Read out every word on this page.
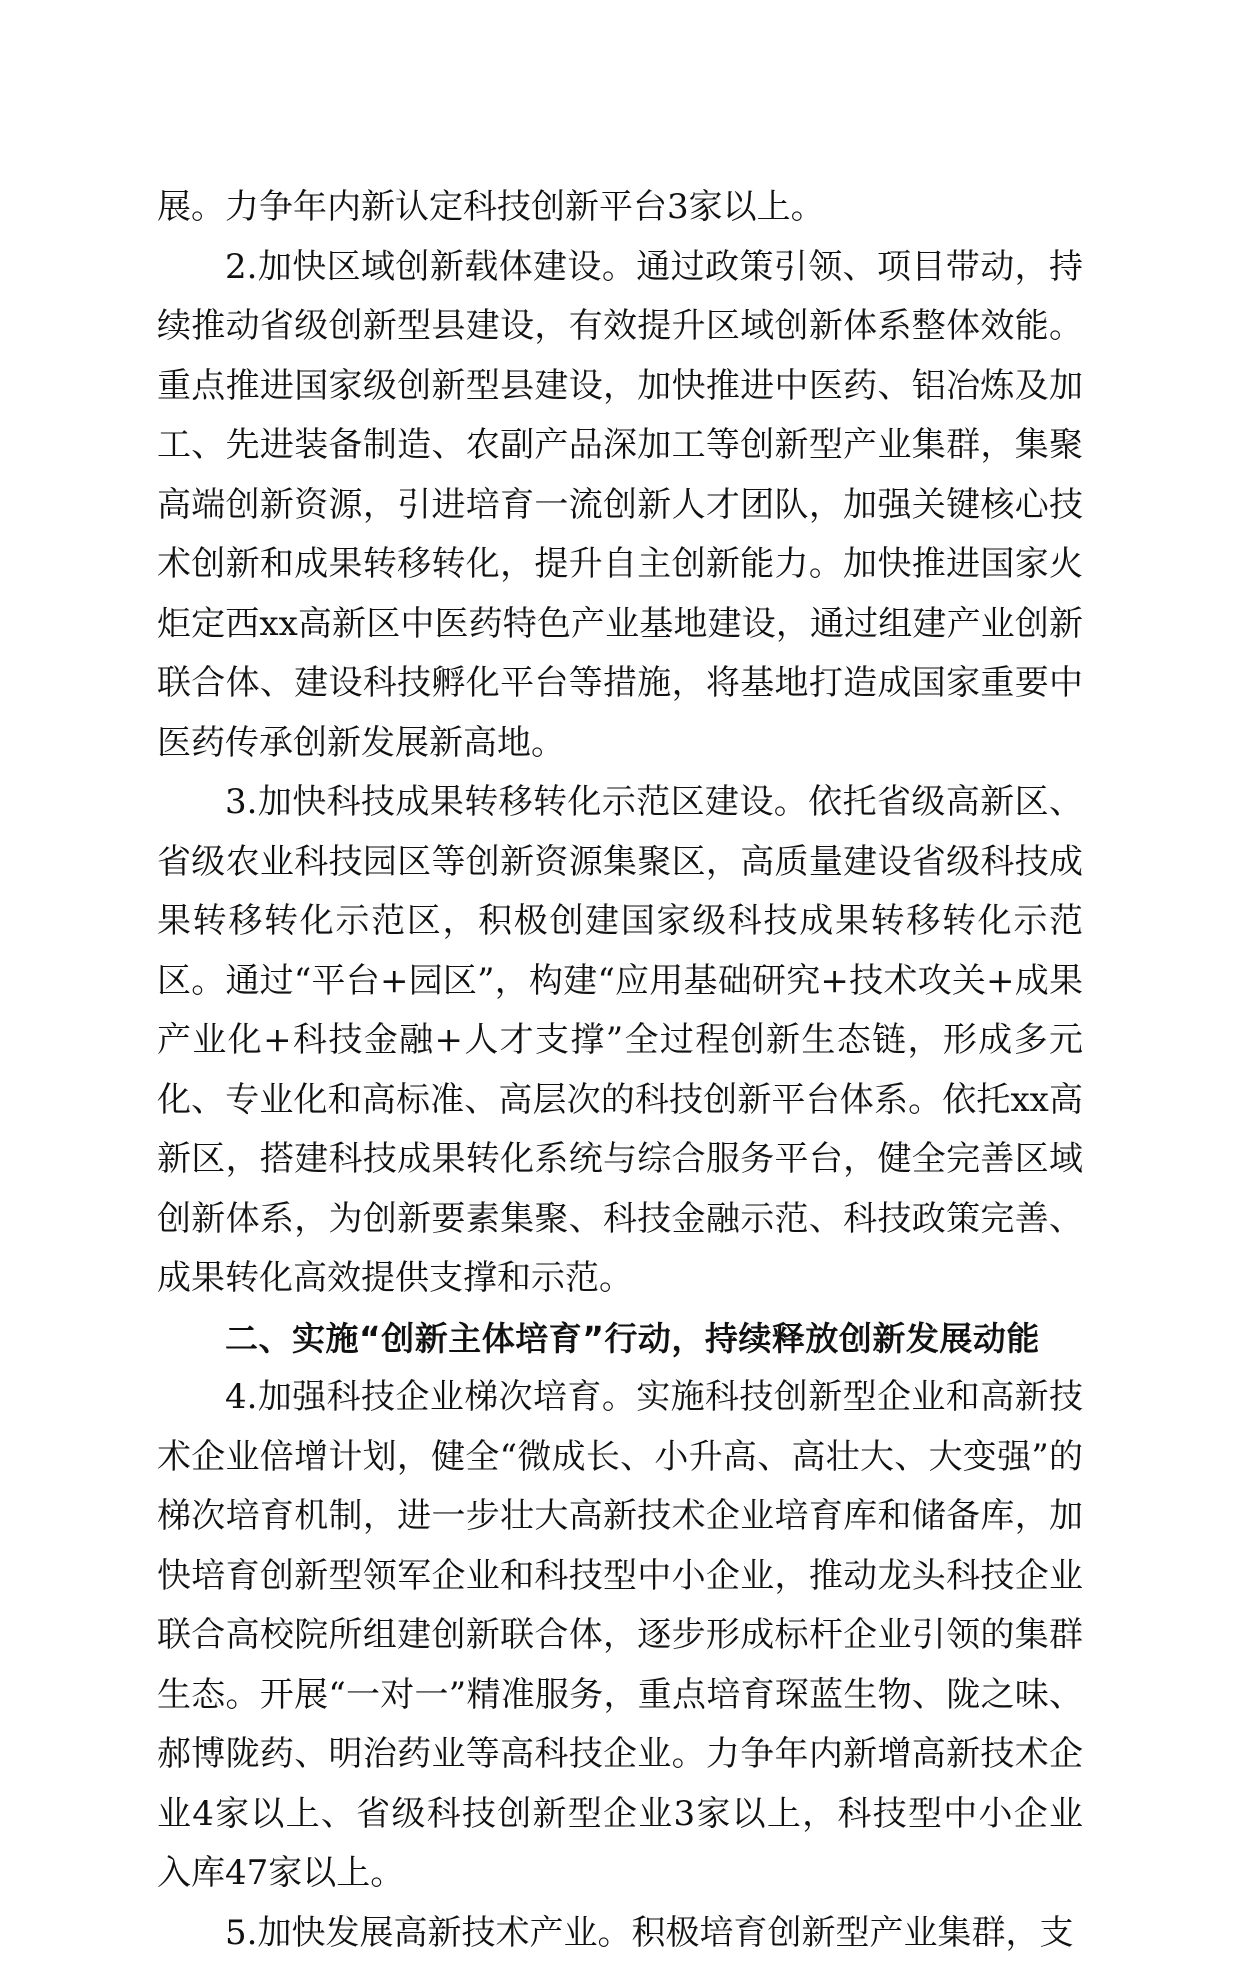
展。力争年内新认定科技创新平台3家以上。

2.加快区域创新载体建设。通过政策引领、项目带动，持续推动省级创新型县建设，有效提升区域创新体系整体效能。重点推进国家级创新型县建设，加快推进中医药、铝冶炼及加工、先进装备制造、农副产品深加工等创新型产业集群，集聚高端创新资源，引进培育一流创新人才团队，加强关键核心技术创新和成果转移转化，提升自主创新能力。加快推进国家火炬定西xx高新区中医药特色产业基地建设，通过组建产业创新联合体、建设科技孵化平台等措施，将基地打造成国家重要中医药传承创新发展新高地。

3.加快科技成果转移转化示范区建设。依托省级高新区、省级农业科技园区等创新资源集聚区，高质量建设省级科技成果转移转化示范区，积极创建国家级科技成果转移转化示范区。通过“平台+园区”，构建“应用基础研究+技术攻关+成果产业化+科技金融+人才支撑”全过程创新生态链，形成多元化、专业化和高标准、高层次的科技创新平台体系。依托xx高新区，搭建科技成果转化系统与综合服务平台，健全完善区域创新体系，为创新要素集聚、科技金融示范、科技政策完善、成果转化高效提供支撑和示范。

二、实施“创新主体培育”行动，持续释放创新发展动能

4.加强科技企业梯次培育。实施科技创新型企业和高新技术企业倍增计划，健全“微成长、小升高、高壮大、大变强”的梯次培育机制，进一步壮大高新技术企业培育库和储备库，加快培育创新型领军企业和科技型中小企业，推动龙头科技企业联合高校院所组建创新联合体，逐步形成标杆企业引领的集群生态。开展“一对一”精准服务，重点培育琛蓝生物、陇之味、郝博陇药、明治药业等高科技企业。力争年内新增高新技术企业4家以上、省级科技创新型企业3家以上，科技型中小企业入库47家以上。

5.加快发展高新技术产业。积极培育创新型产业集群，支
